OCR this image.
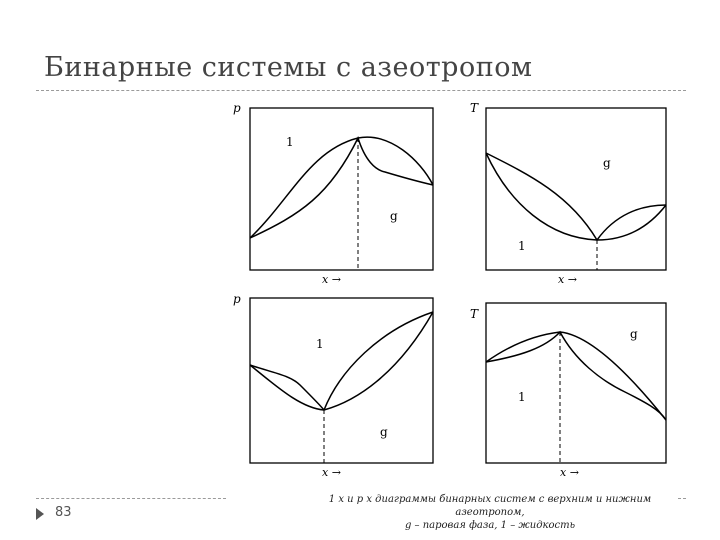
Бинарные системы с азеотропом
p
x →
1
g
T
x →
g
1
p
x →
1
g
T
x →
g
1
83
1 x и p x диаграммы бинарных систем с верхним и нижним азеотропом,
g – паровая фаза, 1 – жидкость
